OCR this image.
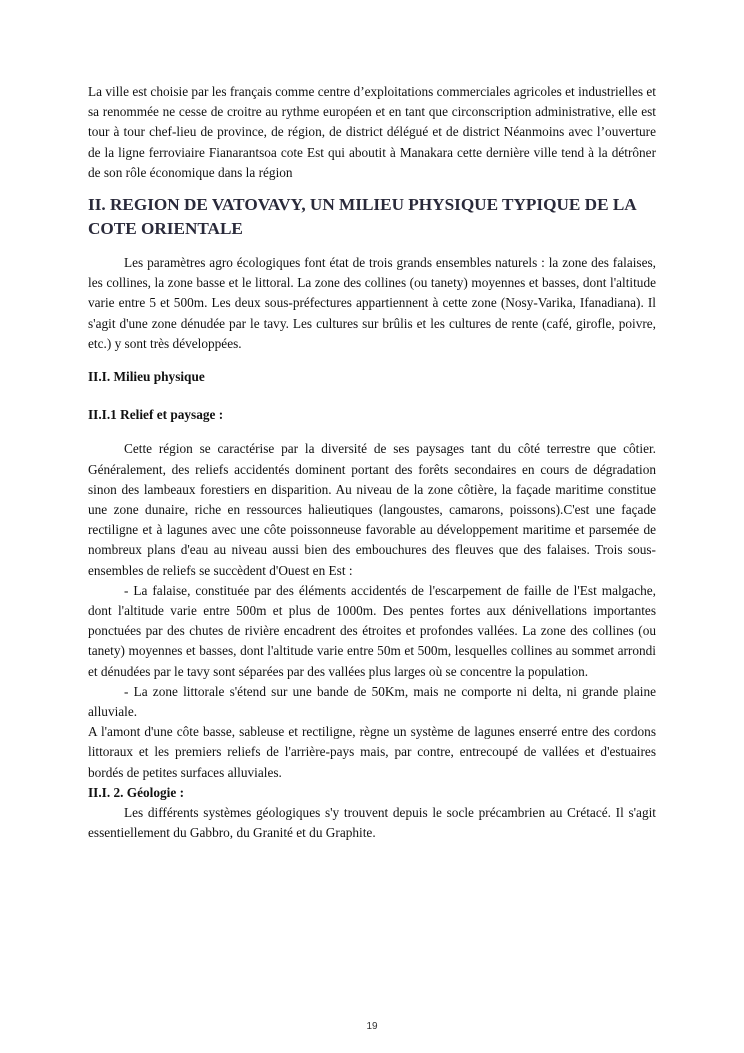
La ville est choisie par les français comme centre d’exploitations commerciales agricoles et industrielles et sa renommée ne cesse de croitre au rythme européen et en tant que circonscription administrative, elle est tour à tour chef-lieu de province, de région, de district délégué et de district Néanmoins avec l’ouverture de la ligne ferroviaire Fianarantsoa cote Est qui aboutit à Manakara cette dernière ville tend à la détrôner de son rôle économique dans la région

II. REGION DE VATOVAVY, UN MILIEU PHYSIQUE TYPIQUE DE LA COTE ORIENTALE

Les paramètres agro écologiques font état de trois grands ensembles naturels : la zone des falaises, les collines, la zone basse et le littoral. La zone des collines (ou tanety) moyennes et basses, dont l'altitude varie entre 5 et 500m. Les deux sous-préfectures appartiennent à cette zone (Nosy-Varika, Ifanadiana). Il s'agit d'une zone dénudée par le tavy. Les cultures sur brûlis et les cultures de rente (café, girofle, poivre, etc.) y sont très développées.

II.I. Milieu physique
II.I.1 Relief et paysage :

Cette région se caractérise par la diversité de ses paysages tant du côté terrestre que côtier. Généralement, des reliefs accidentés dominent portant des forêts secondaires en cours de dégradation sinon des lambeaux forestiers en disparition. Au niveau de la zone côtière, la façade maritime constitue une zone dunaire, riche en ressources halieutiques (langoustes, camarons, poissons).C'est une façade rectiligne et à lagunes avec une côte poissonneuse favorable au développement maritime et parsemée de nombreux plans d'eau au niveau aussi bien des embouchures des fleuves que des falaises. Trois sous-ensembles de reliefs se succèdent d'Ouest en Est :

- La falaise, constituée par des éléments accidentés de l'escarpement de faille de l'Est malgache, dont l'altitude varie entre 500m et plus de 1000m. Des pentes fortes aux dénivellations importantes ponctuées par des chutes de rivière encadrent des étroites et profondes vallées. La zone des collines (ou tanety) moyennes et basses, dont l'altitude varie entre 50m et 500m, lesquelles collines au sommet arrondi et dénudées par le tavy sont séparées par des vallées plus larges où se concentre la population.

- La zone littorale s'étend sur une bande de 50Km, mais ne comporte ni delta, ni grande plaine alluviale.

A l'amont d'une côte basse, sableuse et rectiligne, règne un système de lagunes enserré entre des cordons littoraux et les premiers reliefs de l'arrière-pays mais, par contre, entrecoupé de vallées et d'estuaires bordés de petites surfaces alluviales.

II.I. 2. Géologie :

Les différents systèmes géologiques s'y trouvent depuis le socle précambrien au Crétacé. Il s'agit essentiellement du Gabbro, du Granité et du Graphite.

19
